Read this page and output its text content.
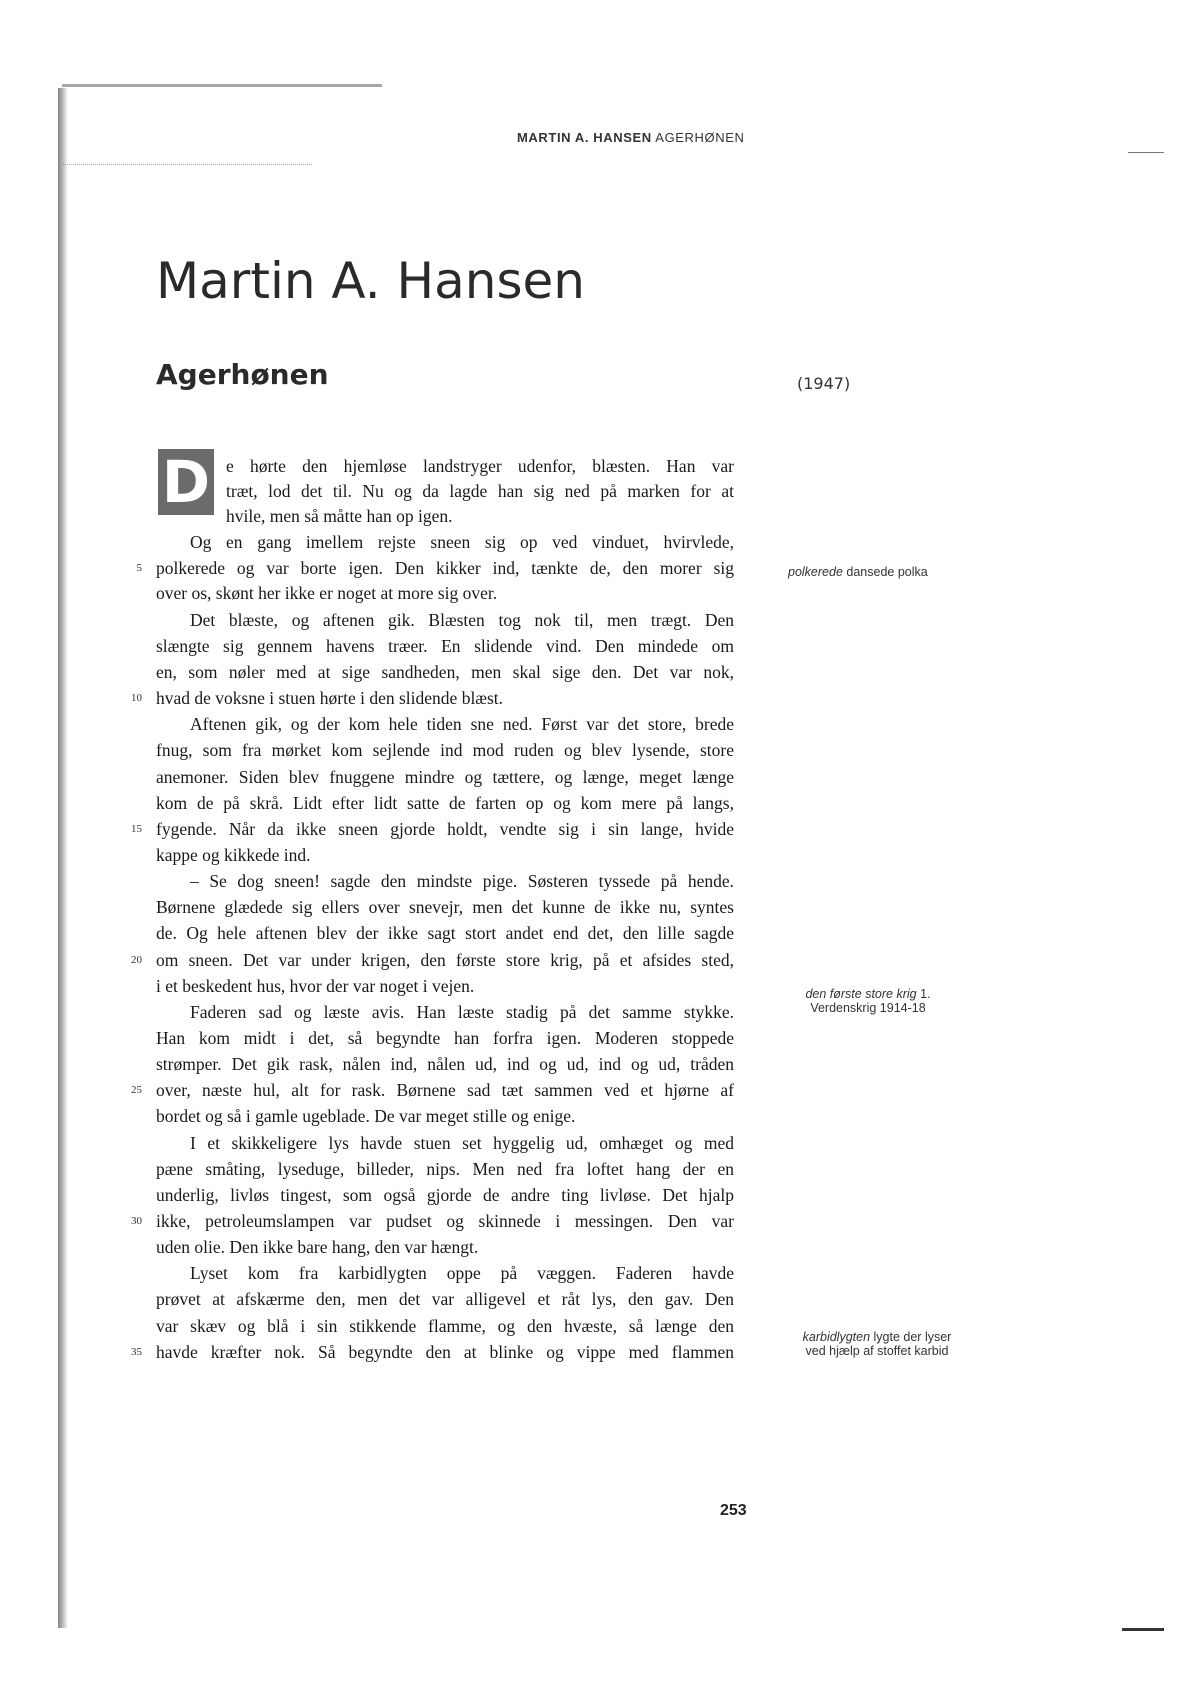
MARTIN A. HANSEN AGERHØNEN
Martin A. Hansen
Agerhønen	(1947)
D e hørte den hjemløse landstryger udenfor, blæsten. Han var
træt, lod det til. Nu og da lagde han sig ned på marken for at
hvile, men så måtte han op igen.
Og en gang imellem rejste sneen sig op ved vinduet, hvirvlede,
polkerede og var borte igen. Den kikker ind, tænkte de, den morer sig
over os, skønt her ikke er noget at more sig over.
Det blæste, og aftenen gik. Blæsten tog nok til, men trægt. Den
slængte sig gennem havens træer. En slidende vind. Den mindede om
en, som nøler med at sige sandheden, men skal sige den. Det var nok,
hvad de voksne i stuen hørte i den slidende blæst.
Aftenen gik, og der kom hele tiden sne ned. Først var det store, brede
fnug, som fra mørket kom sejlende ind mod ruden og blev lysende, store
anemoner. Siden blev fnuggene mindre og tættere, og længe, meget længe
kom de på skrå. Lidt efter lidt satte de farten op og kom mere på langs,
fygende. Når da ikke sneen gjorde holdt, vendte sig i sin lange, hvide
kappe og kikkede ind.
– Se dog sneen! sagde den mindste pige. Søsteren tyssede på hende.
Børnene glædede sig ellers over snevejr, men det kunne de ikke nu, syntes
de. Og hele aftenen blev der ikke sagt stort andet end det, den lille sagde
om sneen. Det var under krigen, den første store krig, på et afsides sted,
i et beskedent hus, hvor der var noget i vejen.
Faderen sad og læste avis. Han læste stadig på det samme stykke.
Han kom midt i det, så begyndte han forfra igen. Moderen stoppede
strømper. Det gik rask, nålen ind, nålen ud, ind og ud, ind og ud, tråden
over, næste hul, alt for rask. Børnene sad tæt sammen ved et hjørne af
bordet og så i gamle ugeblade. De var meget stille og enige.
I et skikkeligere lys havde stuen set hyggelig ud, omhæget og med
pæne småting, lyseduge, billeder, nips. Men ned fra loftet hang der en
underlig, livløs tingest, som også gjorde de andre ting livløse. Det hjalp
ikke, petroleumslampen var pudset og skinnede i messingen. Den var
uden olie. Den ikke bare hang, den var hængt.
Lyset kom fra karbidlygten oppe på væggen. Faderen havde
prøvet at afskærme den, men det var alligevel et råt lys, den gav. Den
var skæv og blå i sin stikkende flamme, og den hvæste, så længe den
havde kræfter nok. Så begyndte den at blinke og vippe med flammen
5
10
15
20
25
30
35
polkerede dansede polka
den første store krig 1.
Verdenskrig 1914-18
karbidlygten lygte der lyser
ved hjælp af stoffet karbid
253
